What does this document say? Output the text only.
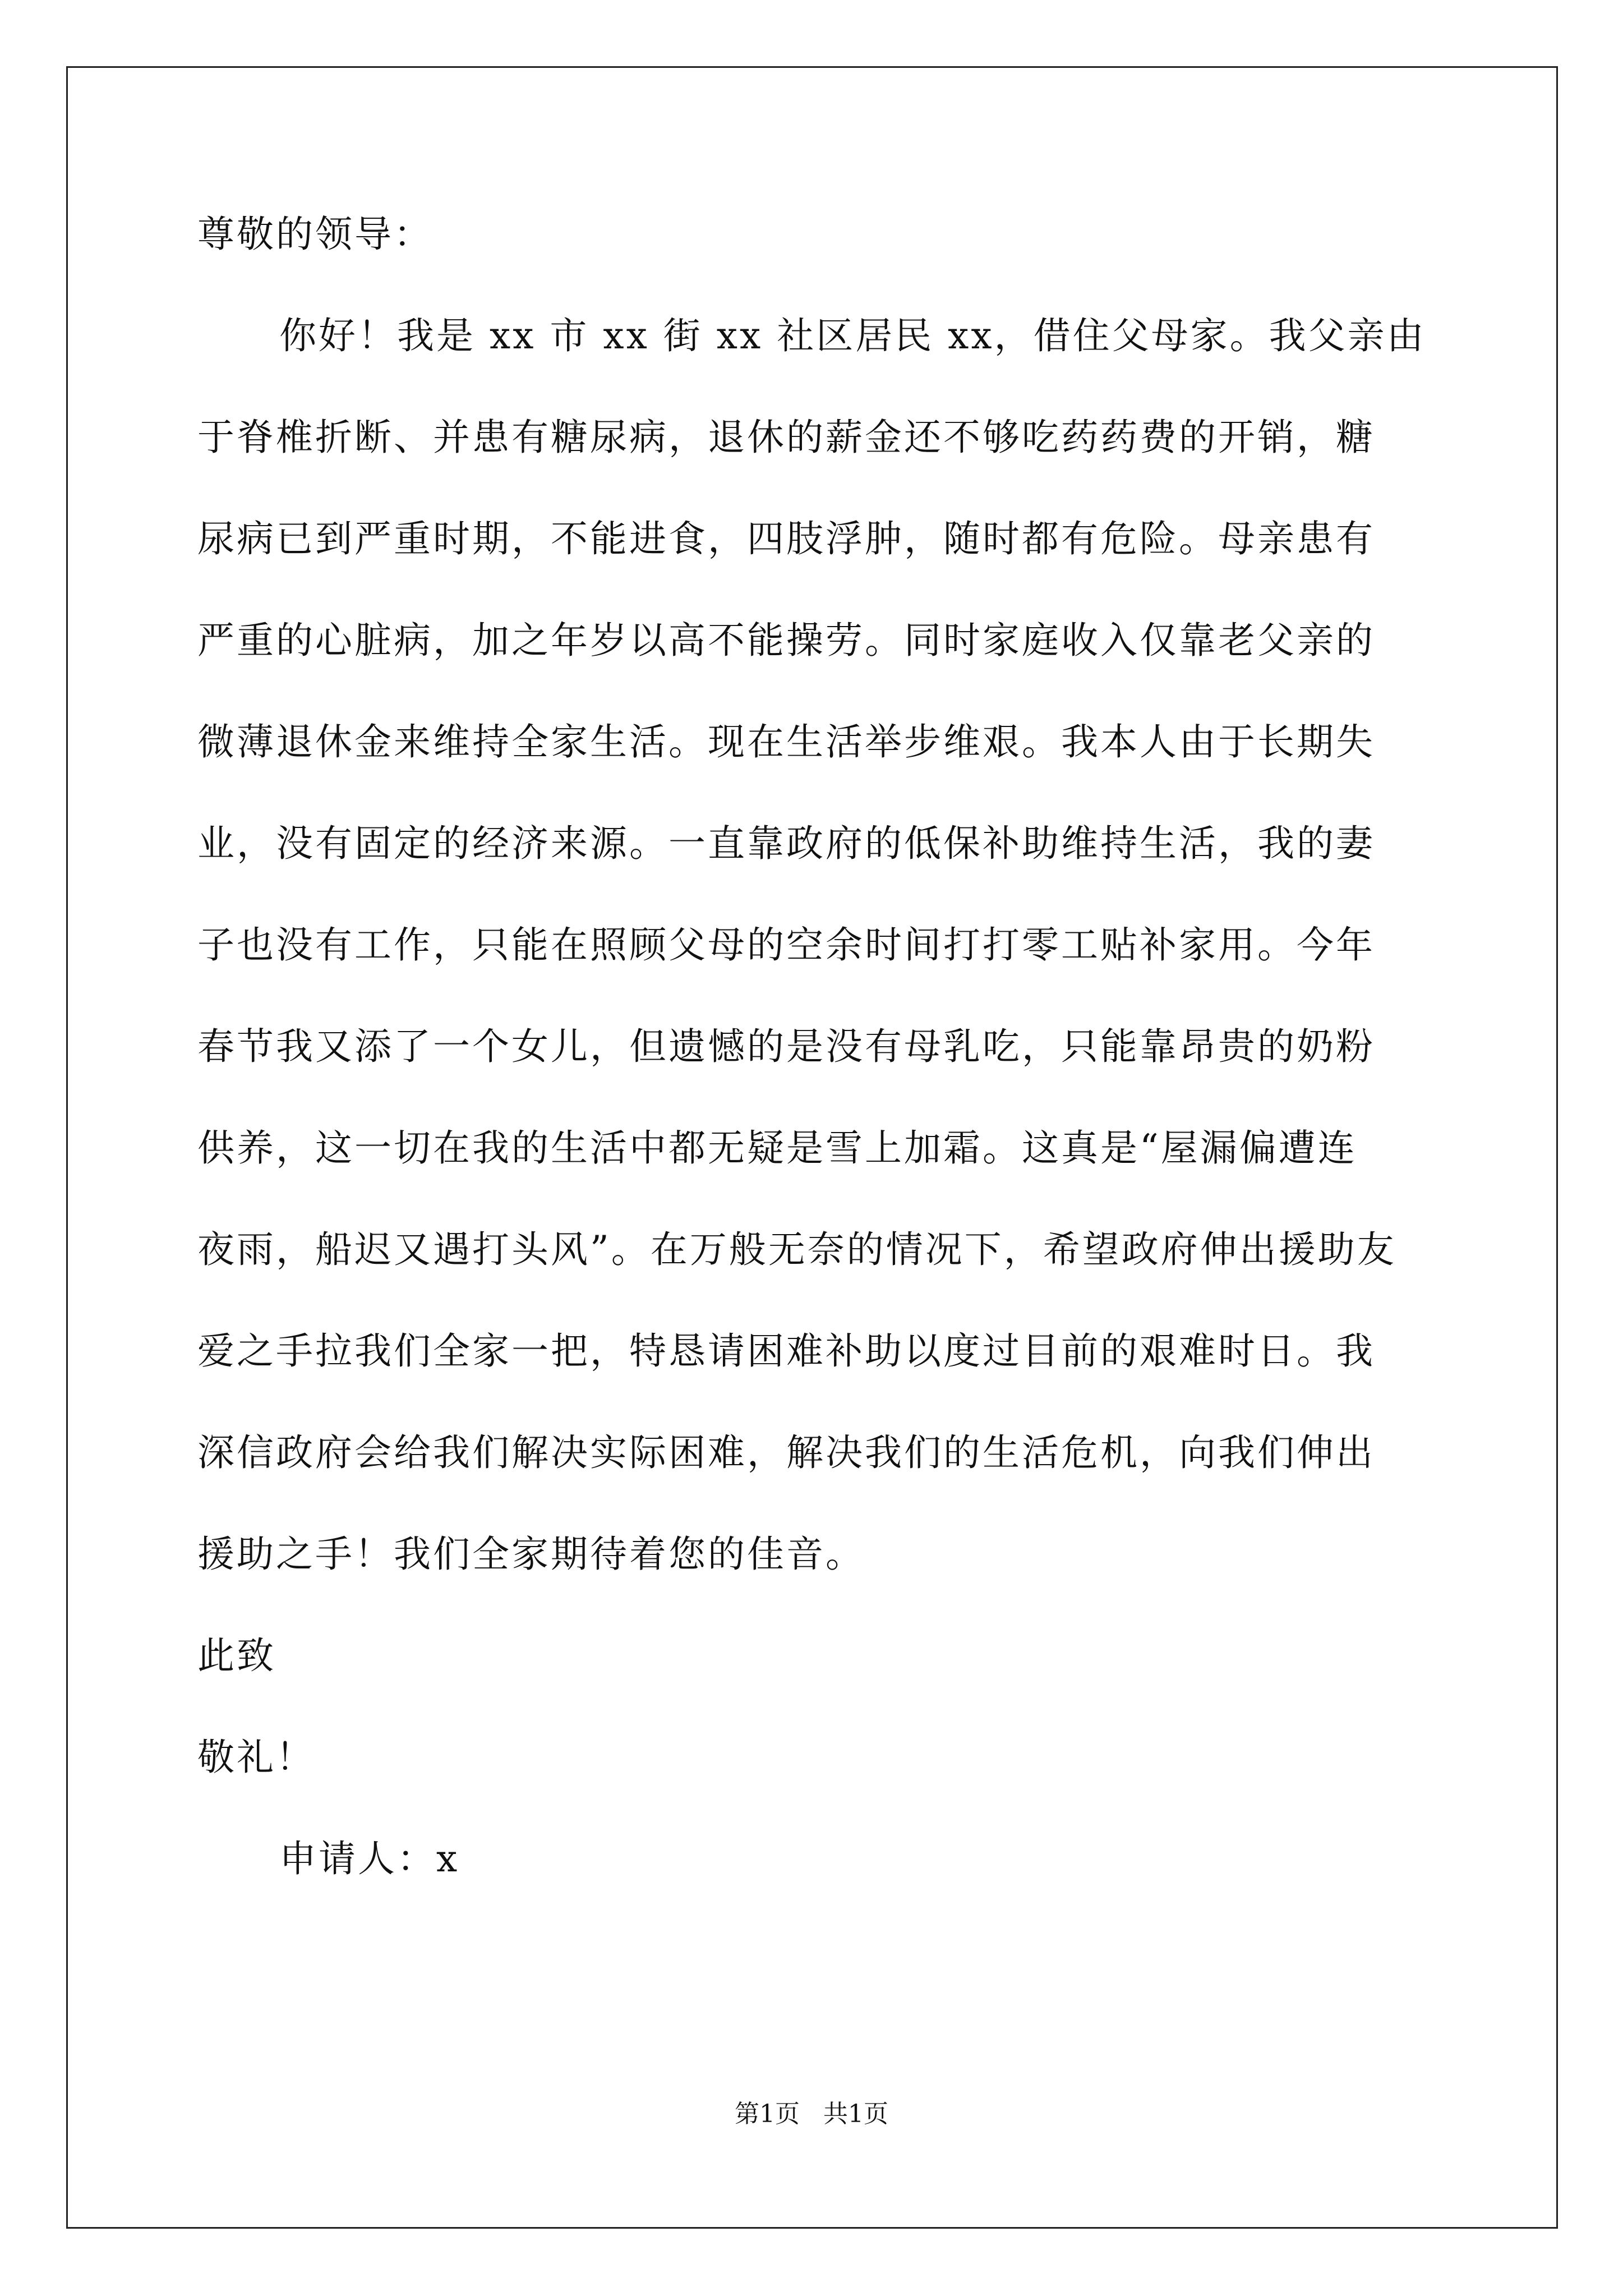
尊敬的领导：
你好！我是 xx 市 xx 街 xx 社区居民 xx，借住父母家。我父亲由
于脊椎折断、并患有糖尿病，退休的薪金还不够吃药药费的开销，糖
尿病已到严重时期，不能进食，四肢浮肿，随时都有危险。母亲患有
严重的心脏病，加之年岁以高不能操劳。同时家庭收入仅靠老父亲的
微薄退休金来维持全家生活。现在生活举步维艰。我本人由于长期失
业，没有固定的经济来源。一直靠政府的低保补助维持生活，我的妻
子也没有工作，只能在照顾父母的空余时间打打零工贴补家用。今年
春节我又添了一个女儿，但遗憾的是没有母乳吃，只能靠昂贵的奶粉
供养，这一切在我的生活中都无疑是雪上加霜。这真是“屋漏偏遭连
夜雨，船迟又遇打头风”。在万般无奈的情况下，希望政府伸出援助友
爱之手拉我们全家一把，特恳请困难补助以度过目前的艰难时日。我
深信政府会给我们解决实际困难，解决我们的生活危机，向我们伸出
援助之手！我们全家期待着您的佳音。
此致
敬礼！
申请人：x
第1页   共1页
